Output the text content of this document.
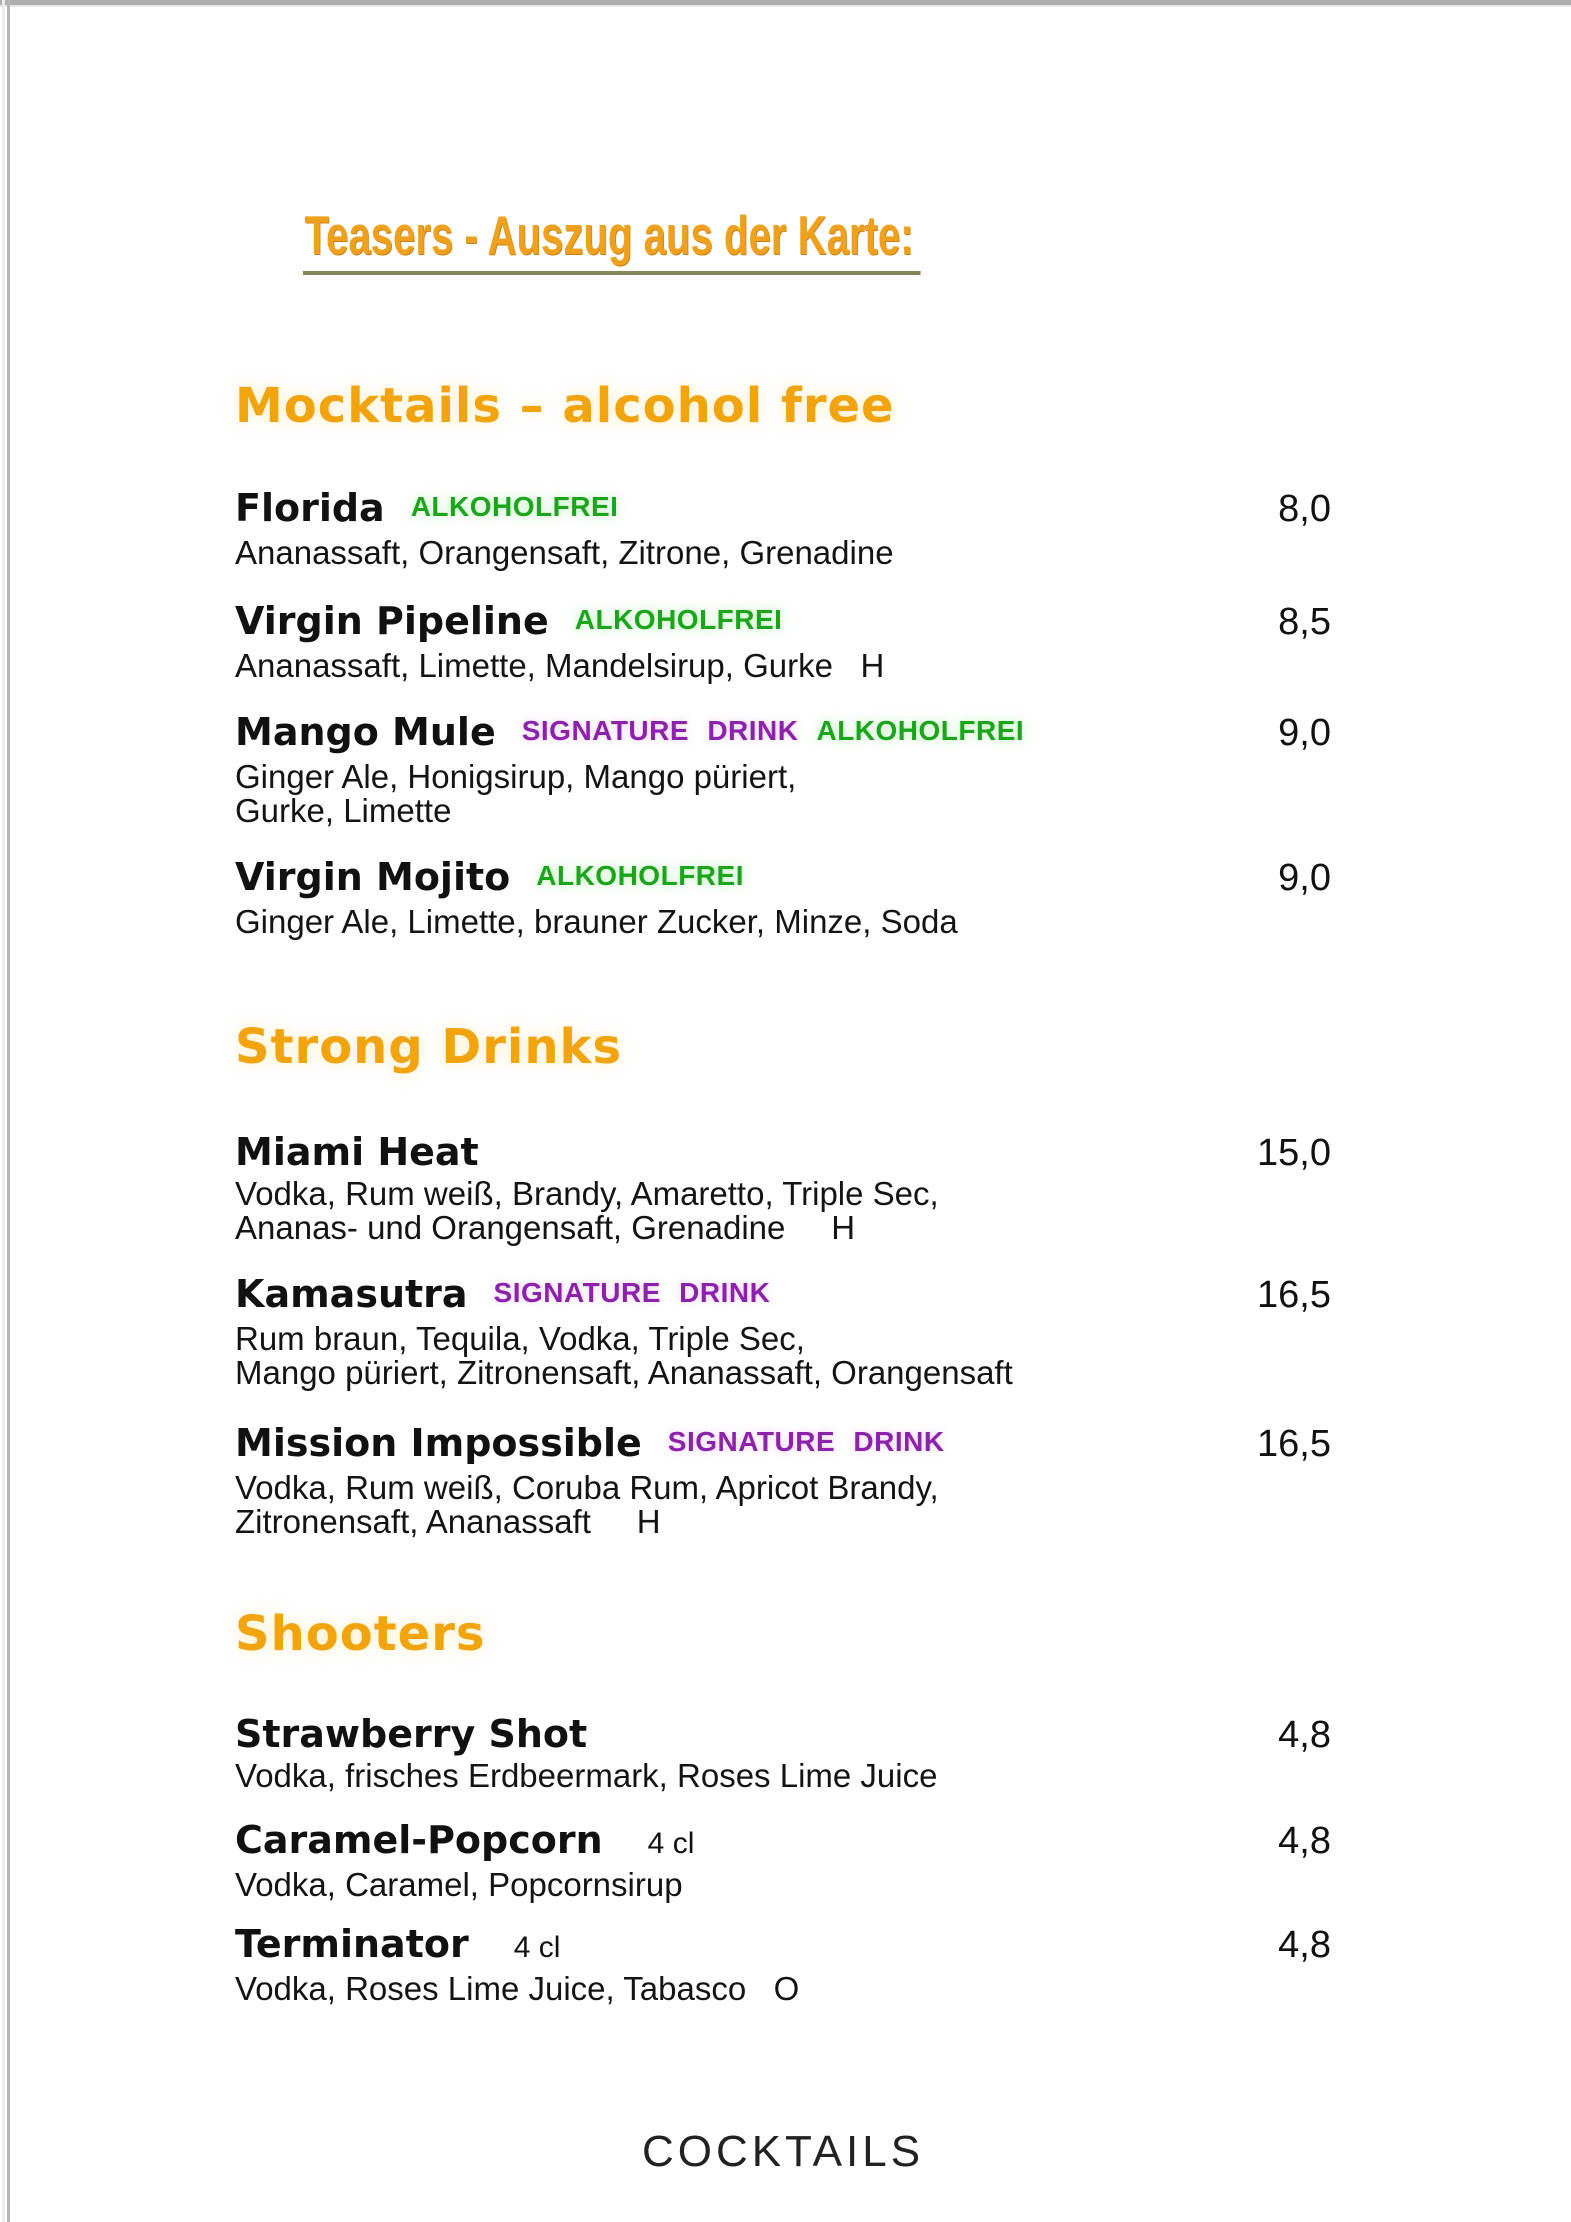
Teasers - Auszug aus der Karte:

Mocktails – alcohol free
Florida ALKOHOLFREI	8,0
Ananassaft, Orangensaft, Zitrone, Grenadine
Virgin Pipeline ALKOHOLFREI	8,5
Ananassaft, Limette, Mandelsirup, Gurke   H
Mango Mule SIGNATURE DRINK ALKOHOLFREI	9,0
Ginger Ale, Honigsirup, Mango püriert,
Gurke, Limette
Virgin Mojito ALKOHOLFREI	9,0
Ginger Ale, Limette, brauner Zucker, Minze, Soda
Strong Drinks
Miami Heat	15,0
Vodka, Rum weiß, Brandy, Amaretto, Triple Sec,
Ananas- und Orangensaft, Grenadine     H
Kamasutra SIGNATURE DRINK	16,5
Rum braun, Tequila, Vodka, Triple Sec,
Mango püriert, Zitronensaft, Ananassaft, Orangensaft
Mission Impossible SIGNATURE DRINK	16,5
Vodka, Rum weiß, Coruba Rum, Apricot Brandy,
Zitronensaft, Ananassaft     H
Shooters
Strawberry Shot	4,8
Vodka, frisches Erdbeermark, Roses Lime Juice
Caramel-Popcorn 4 cl	4,8
Vodka, Caramel, Popcornsirup
Terminator 4 cl	4,8
Vodka, Roses Lime Juice, Tabasco   O
COCKTAILS
